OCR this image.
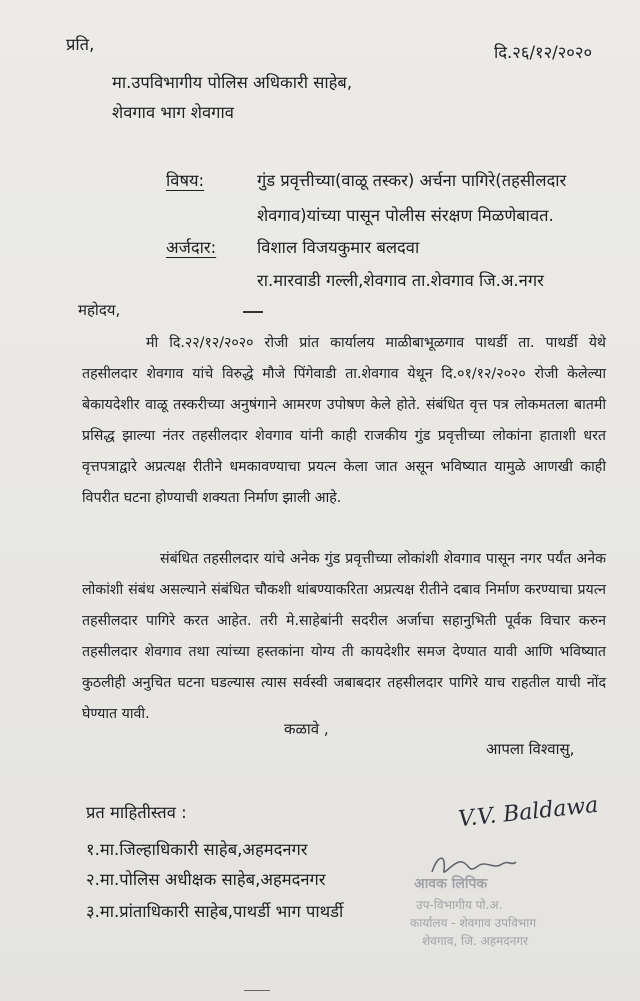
प्रति,	दि.२६/१२/२०२०
मा.उपविभागीय पोलिस अधिकारी साहेब,
शेवगाव भाग शेवगाव
विषय:	गुंड प्रवृत्तीच्या(वाळू तस्कर) अर्चना पागिरे(तहसीलदार
शेवगाव)यांच्या पासून पोलीस संरक्षण मिळणेबावत.
अर्जदार: विशाल विजयकुमार बलदवा
रा.मारवाडी गल्ली,शेवगाव ता.शेवगाव जि.अ.नगर
महोदय,
मी दि.२२/१२/२०२० रोजी प्रांत कार्यालय माळीबाभूळगाव पाथर्डी ता. पाथर्डी येथे तहसीलदार शेवगाव यांचे विरुद्धे मौजे पिंगेवाडी ता.शेवगाव येथून दि.०१/१२/२०२० रोजी केलेल्या बेकायदेशीर वाळू तस्करीच्या अनुषंगाने आमरण उपोषण केले होते. संबंधित वृत्त पत्र लोकमतला बातमी प्रसिद्ध झाल्या नंतर तहसीलदार शेवगाव यांनी काही राजकीय गुंड प्रवृत्तीच्या लोकांना हाताशी धरत वृत्तपत्राद्वारे अप्रत्यक्ष रीतीने धमकावण्याचा प्रयत्न केला जात असून भविष्यात यामुळे आणखी काही विपरीत घटना होण्याची शक्यता निर्माण झाली आहे.
संबंधित तहसीलदार यांचे अनेक गुंड प्रवृत्तीच्या लोकांशी शेवगाव पासून नगर पर्यंत अनेक लोकांशी संबंध असल्याने संबंधित चौकशी थांबण्याकरिता अप्रत्यक्ष रीतीने दबाव निर्माण करण्याचा प्रयत्न तहसीलदार पागिरे करत आहेत. तरी मे.साहेबांनी सदरील अर्जाचा सहानुभिती पूर्वक विचार करुन तहसीलदार शेवगाव तथा त्यांच्या हस्तकांना योग्य ती कायदेशीर समज देण्यात यावी आणि भविष्यात कुठलीही अनुचित घटना घडल्यास त्यास सर्वस्वी जबाबदार तहसीलदार पागिरे याच राहतील याची नोंद घेण्यात यावी.
कळावे ,
आपला विश्वासु,
V.V. Baldawa
प्रत माहितीस्तव :
१.मा.जिल्हाधिकारी साहेब,अहमदनगर
२.मा.पोलिस अधीक्षक साहेब,अहमदनगर
३.मा.प्रांताधिकारी साहेब,पाथर्डी भाग पाथर्डी
आवक लिपिक
उप-विभागीय पो.अ.
कार्यालय - शेवगाव उपविभाग
शेवगाव, जि. अहमदनगर
